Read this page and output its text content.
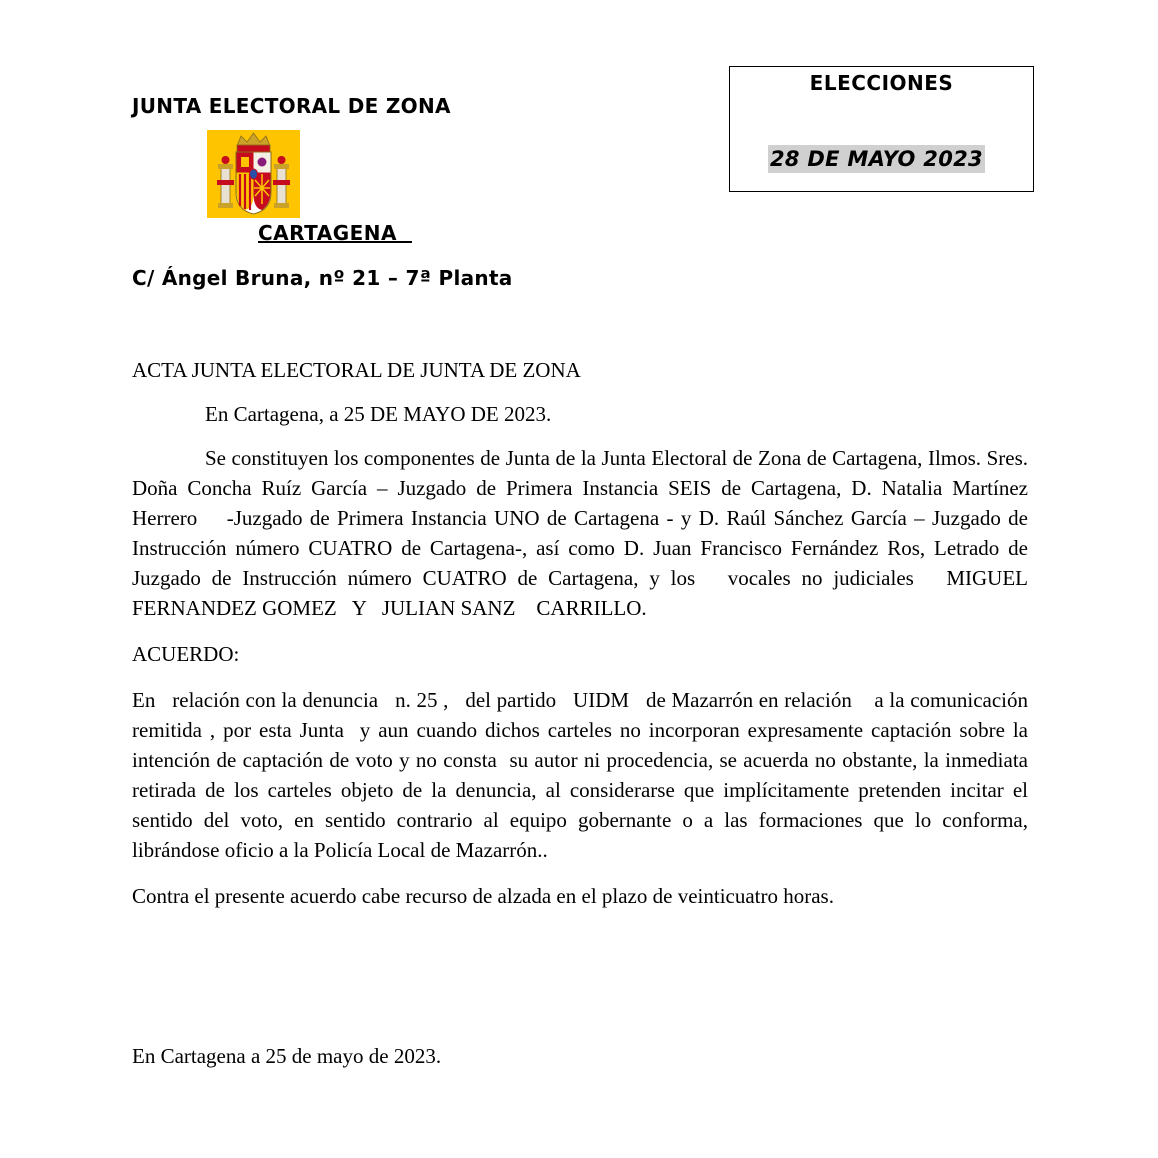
JUNTA ELECTORAL DE ZONA
CARTAGENA
C/ Ángel Bruna, nº 21 – 7ª Planta
ELECCIONES
28 DE MAYO 2023

ACTA JUNTA ELECTORAL DE JUNTA DE ZONA

En Cartagena, a 25 DE MAYO DE 2023.

Se constituyen los componentes de Junta de la Junta Electoral de Zona de Cartagena, Ilmos. Sres. Doña Concha Ruíz García – Juzgado de Primera Instancia SEIS de Cartagena, D. Natalia Martínez Herrero    -Juzgado de Primera Instancia UNO de Cartagena - y D. Raúl Sánchez García – Juzgado de Instrucción número CUATRO de Cartagena-, así como D. Juan Francisco Fernández Ros, Letrado de Juzgado de Instrucción número CUATRO de Cartagena, y los   vocales no judiciales   MIGUEL FERNANDEZ GOMEZ   Y   JULIAN SANZ    CARRILLO.

ACUERDO:

En   relación con la denuncia   n. 25 ,   del partido   UIDM   de Mazarrón en relación    a la comunicación remitida , por esta Junta  y aun cuando dichos carteles no incorporan expresamente captación sobre la intención de captación de voto y no consta  su autor ni procedencia, se acuerda no obstante, la inmediata retirada de los carteles objeto de la denuncia, al considerarse que implícitamente pretenden incitar el sentido del voto, en sentido contrario al equipo gobernante o a las formaciones que lo conforma, librándose oficio a la Policía Local de Mazarrón..

Contra el presente acuerdo cabe recurso de alzada en el plazo de veinticuatro horas.

En Cartagena a 25 de mayo de 2023.
